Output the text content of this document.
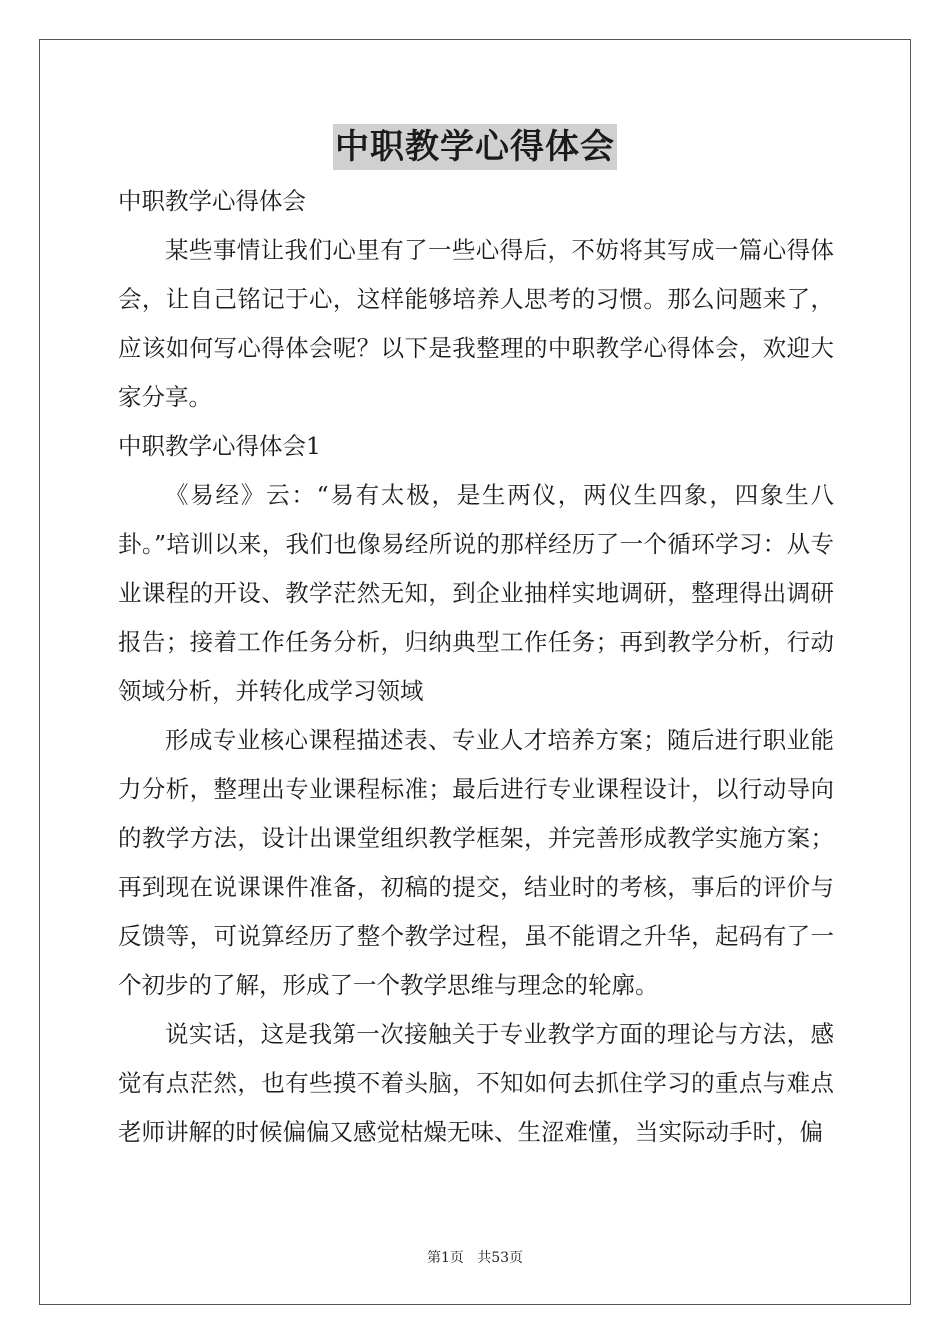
中职教学心得体会

中职教学心得体会

某些事情让我们心里有了一些心得后，不妨将其写成一篇心得体会，让自己铭记于心，这样能够培养人思考的习惯。那么问题来了，应该如何写心得体会呢？以下是我整理的中职教学心得体会，欢迎大家分享。

中职教学心得体会1

《易经》云：“易有太极，是生两仪，两仪生四象，四象生八卦。”培训以来，我们也像易经所说的那样经历了一个循环学习：从专业课程的开设、教学茫然无知，到企业抽样实地调研，整理得出调研报告；接着工作任务分析，归纳典型工作任务；再到教学分析，行动领域分析，并转化成学习领域

形成专业核心课程描述表、专业人才培养方案；随后进行职业能力分析，整理出专业课程标准；最后进行专业课程设计，以行动导向的教学方法，设计出课堂组织教学框架，并完善形成教学实施方案；再到现在说课课件准备，初稿的提交，结业时的考核，事后的评价与反馈等，可说算经历了整个教学过程，虽不能谓之升华，起码有了一个初步的了解，形成了一个教学思维与理念的轮廓。

说实话，这是我第一次接触关于专业教学方面的理论与方法，感觉有点茫然，也有些摸不着头脑，不知如何去抓住学习的重点与难点老师讲解的时候偏偏又感觉枯燥无味、生涩难懂，当实际动手时，偏

第1页   共53页
